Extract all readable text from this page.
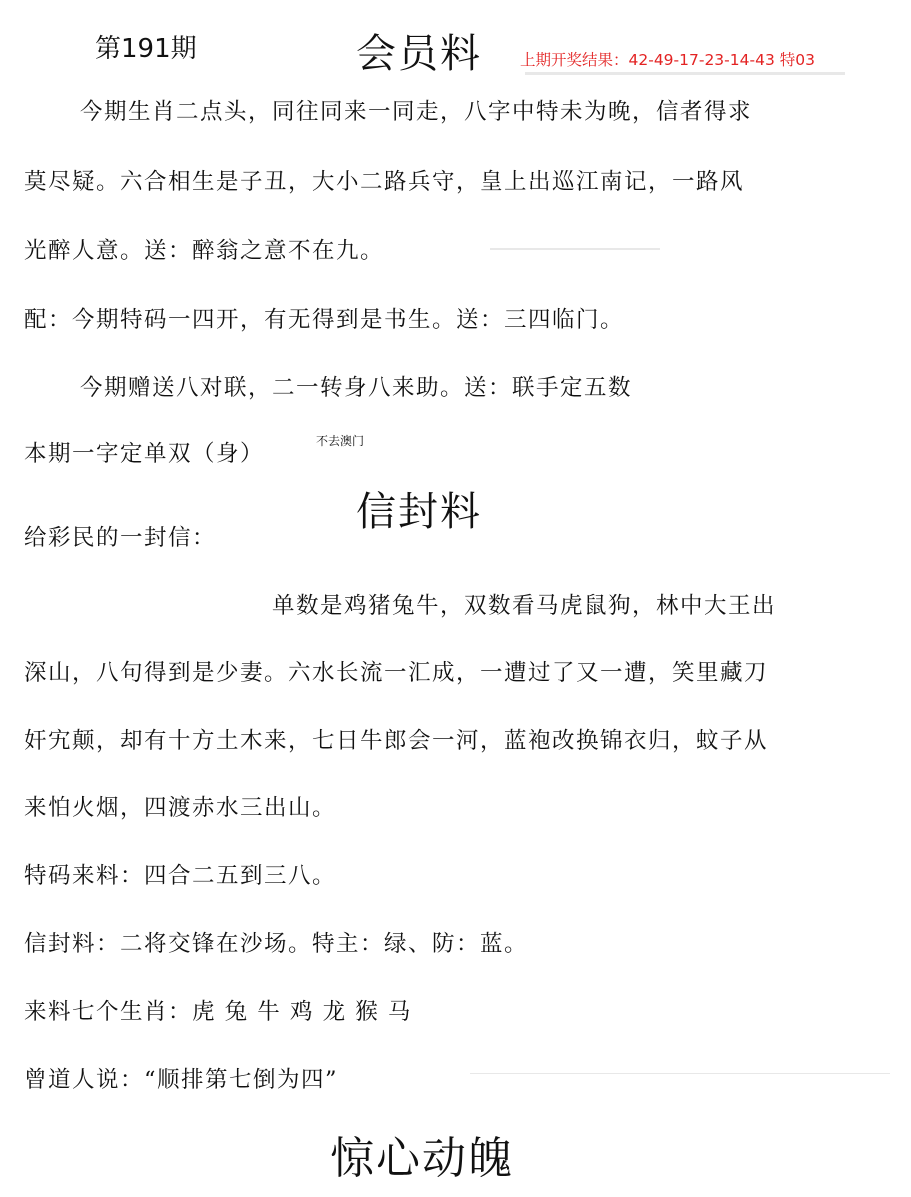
第191期	会员料 上期开奖结果：42-49-17-23-14-43 特03
今期生肖二点头，同往同来一同走，八字中特未为晚，信者得求
莫尽疑。六合相生是子丑，大小二路兵守，皇上出巡江南记，一路风
光醉人意。送：醉翁之意不在九。
配：今期特码一四开，有无得到是书生。送：三四临门。
今期赠送八对联，二一转身八来助。送：联手定五数
本期一字定单双（身）	不去澳门
信封料
给彩民的一封信：
单数是鸡猪兔牛，双数看马虎鼠狗，林中大王出
深山，八句得到是少妻。六水长流一汇成，一遭过了又一遭，笑里藏刀
奸宄颠，却有十方土木来，七日牛郎会一河，蓝袍改换锦衣归，蚊子从
来怕火烟，四渡赤水三出山。
特码来料：四合二五到三八。
信封料：二将交锋在沙场。特主：绿、防：蓝。
来料七个生肖：虎 兔 牛 鸡 龙 猴 马
曾道人说：“顺排第七倒为四”
惊心动魄
